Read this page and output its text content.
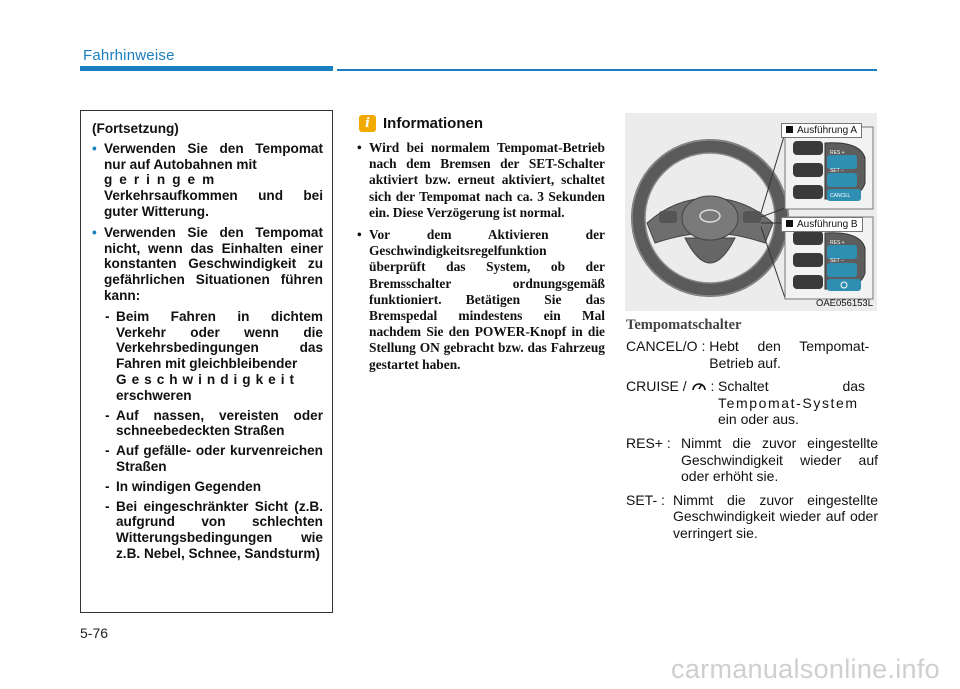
Fahrhinweise
(Fortsetzung)
• Verwenden Sie den Tempomat nur auf Autobahnen mit
geringem
Verkehrsaufkommen und bei guter Witterung.
• Verwenden Sie den Tempomat nicht, wenn das Einhalten einer konstanten Geschwindigkeit zu gefährlichen Situationen führen kann:
- Beim Fahren in dichtem Verkehr oder wenn die Verkehrsbedingungen das Fahren mit gleichbleibender
Geschwindigkeit
erschweren
- Auf nassen, vereisten oder schneebedeckten Straßen
- Auf gefälle- oder kurvenreichen Straßen
- In windigen Gegenden
- Bei eingeschränkter Sicht (z.B. aufgrund von schlechten Witterungsbedingungen wie z.B. Nebel, Schnee, Sandsturm)
i Informationen
• Wird bei normalem Tempomat-Betrieb nach dem Bremsen der SET-Schalter aktiviert bzw. erneut aktiviert, schaltet sich der Tempomat nach ca. 3 Sekunden ein. Diese Verzögerung ist normal.
• Vor dem Aktivieren der Geschwindigkeitsregelfunktion überprüft das System, ob der Bremsschalter ordnungsgemäß funktioniert. Betätigen Sie das Bremspedal mindestens ein Mal nachdem Sie den POWER-Knopf in die Stellung ON gebracht bzw. das Fahrzeug gestartet haben.
RES +
SET −
CANCEL
RES +
SET −
Ausführung A
Ausführung B
OAE056153L
Tempomatschalter
CANCEL/O : Hebt den Tempomat-Betrieb auf.
CRUISE / : Schaltet das
Tempomat-System
ein oder aus.
RES+ : Nimmt die zuvor eingestellte Geschwindigkeit wieder auf oder erhöht sie.
SET- : Nimmt die zuvor eingestellte Geschwindigkeit wieder auf oder verringert sie.
5-76
carmanualsonline.info
